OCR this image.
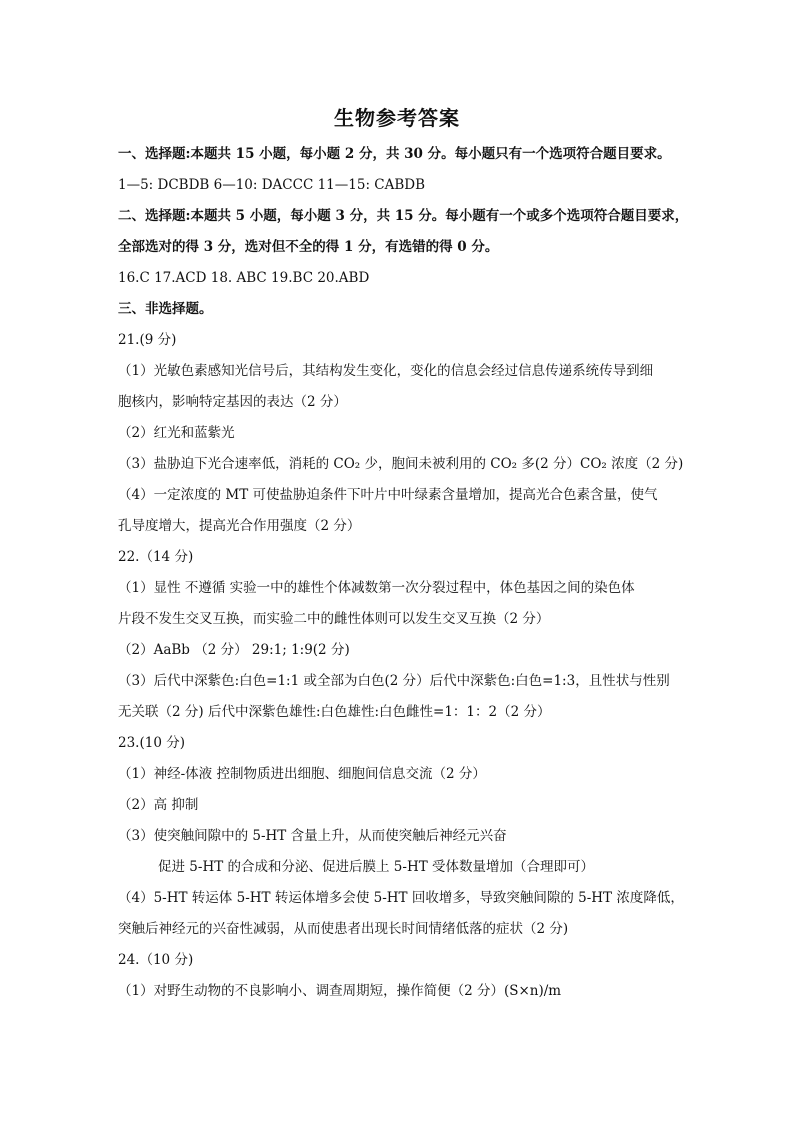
生物参考答案
一、选择题:本题共 15 小题，每小题 2 分，共 30 分。每小题只有一个选项符合题目要求。
1—5: DCBDB 6—10: DACCC 11—15: CABDB
二、选择题:本题共 5 小题，每小题 3 分，共 15 分。每小题有一个或多个选项符合题目要求，
全部选对的得 3 分，选对但不全的得 1 分，有选错的得 0 分。
16.C 17.ACD 18. ABC 19.BC 20.ABD
三、非选择题。
21.(9 分)
（1）光敏色素感知光信号后，其结构发生变化，变化的信息会经过信息传递系统传导到细
胞核内，影响特定基因的表达（2 分）
（2）红光和蓝紫光
（3）盐胁迫下光合速率低，消耗的 CO₂ 少，胞间未被利用的 CO₂ 多(2 分）CO₂ 浓度（2 分)
（4）一定浓度的 MT 可使盐胁迫条件下叶片中叶绿素含量增加，提高光合色素含量，使气
孔导度增大，提高光合作用强度（2 分）
22.（14 分)
（1）显性 不遵循 实验一中的雄性个体减数第一次分裂过程中，体色基因之间的染色体
片段不发生交叉互换，而实验二中的雌性体则可以发生交叉互换（2 分）
（2）AaBb （2 分） 29:1; 1:9(2 分)
（3）后代中深紫色:白色=1:1 或全部为白色(2 分）后代中深紫色:白色=1:3，且性状与性别
无关联（2 分) 后代中深紫色雄性:白色雄性:白色雌性=1：1：2（2 分）
23.(10 分)
（1）神经-体液 控制物质进出细胞、细胞间信息交流（2 分）
（2）高 抑制
（3）使突触间隙中的 5-HT 含量上升，从而使突触后神经元兴奋
促进 5-HT 的合成和分泌、促进后膜上 5-HT 受体数量增加（合理即可）
（4）5-HT 转运体 5-HT 转运体增多会使 5-HT 回收增多，导致突触间隙的 5-HT 浓度降低，
突触后神经元的兴奋性减弱，从而使患者出现长时间情绪低落的症状（2 分)
24.（10 分)
（1）对野生动物的不良影响小、调查周期短，操作简便（2 分）(S×n)/m
